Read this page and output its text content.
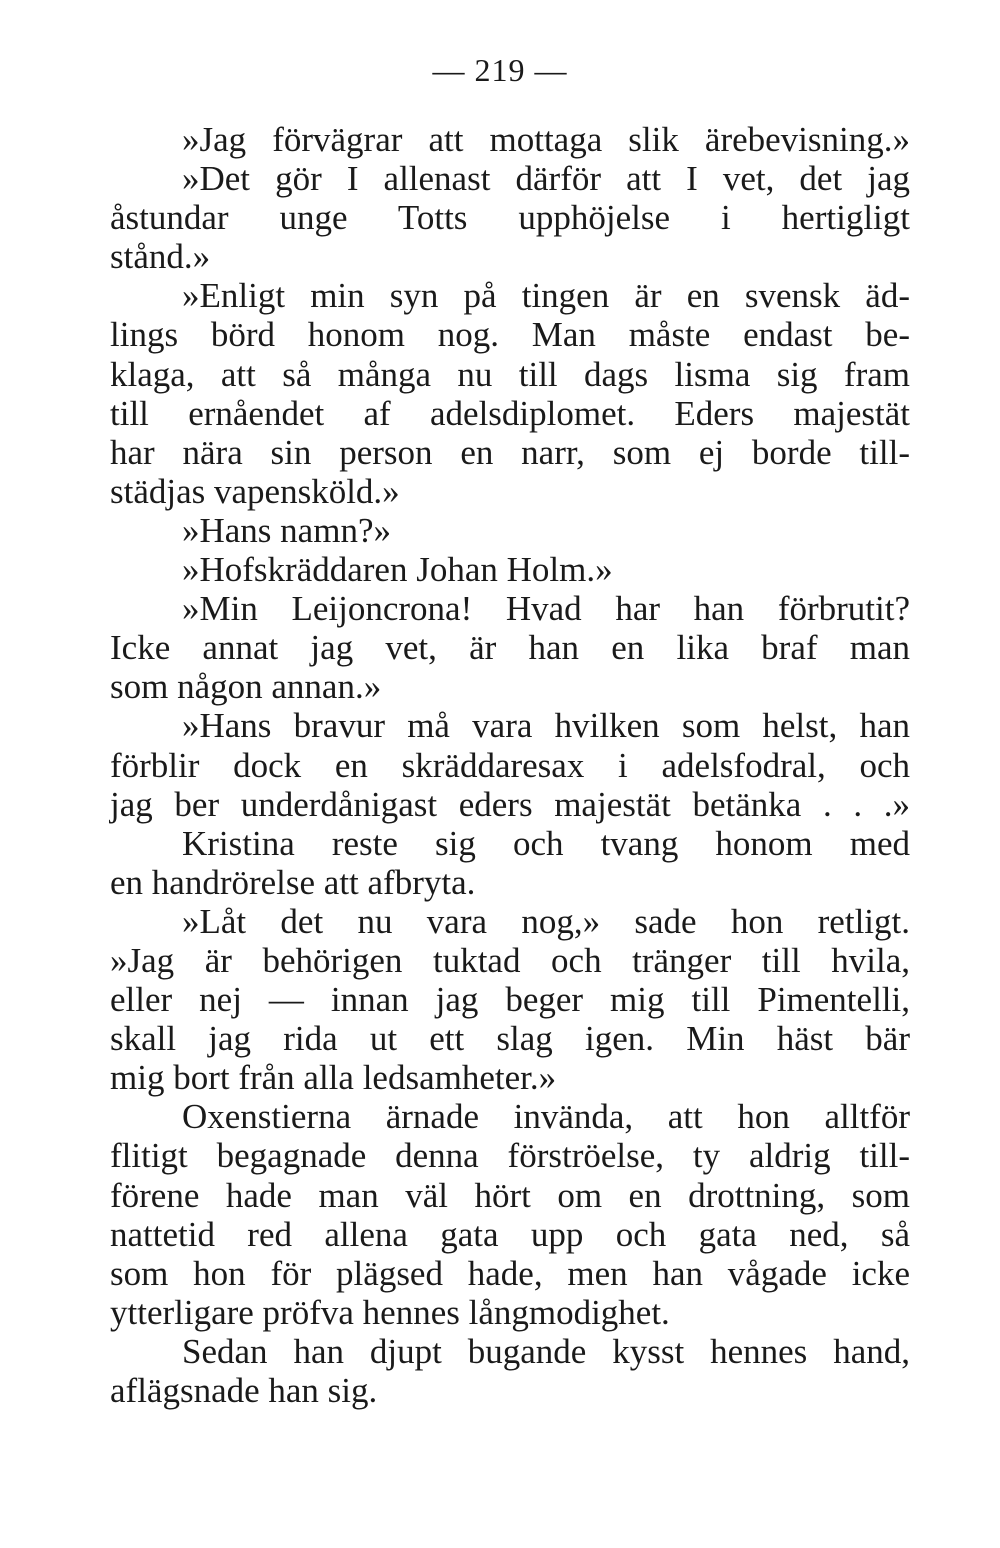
— 219 —
»Jag förvägrar att mottaga slik ärebevisning.»
»Det gör I allenast därför att I vet, det jag
åstundar unge Totts upphöjelse i hertigligt
stånd.»
»Enligt min syn på tingen är en svensk äd-
lings börd honom nog. Man måste endast be-
klaga, att så många nu till dags lisma sig fram
till ernåendet af adelsdiplomet. Eders majestät
har nära sin person en narr, som ej borde till-
städjas vapensköld.»
»Hans namn?»
»Hofskräddaren Johan Holm.»
»Min Leijoncrona! Hvad har han förbrutit?
Icke annat jag vet, är han en lika braf man
som någon annan.»
»Hans bravur må vara hvilken som helst, han
förblir dock en skräddaresax i adelsfodral, och
jag ber underdånigast eders majestät betänka . . .»
Kristina reste sig och tvang honom med
en handrörelse att afbryta.
»Låt det nu vara nog,» sade hon retligt.
»Jag är behörigen tuktad och tränger till hvila,
eller nej — innan jag beger mig till Pimentelli,
skall jag rida ut ett slag igen. Min häst bär
mig bort från alla ledsamheter.»
Oxenstierna ärnade invända, att hon alltför
flitigt begagnade denna förströelse, ty aldrig till-
förene hade man väl hört om en drottning, som
nattetid red allena gata upp och gata ned, så
som hon för plägsed hade, men han vågade icke
ytterligare pröfva hennes långmodighet.
Sedan han djupt bugande kysst hennes hand,
aflägsnade han sig.
